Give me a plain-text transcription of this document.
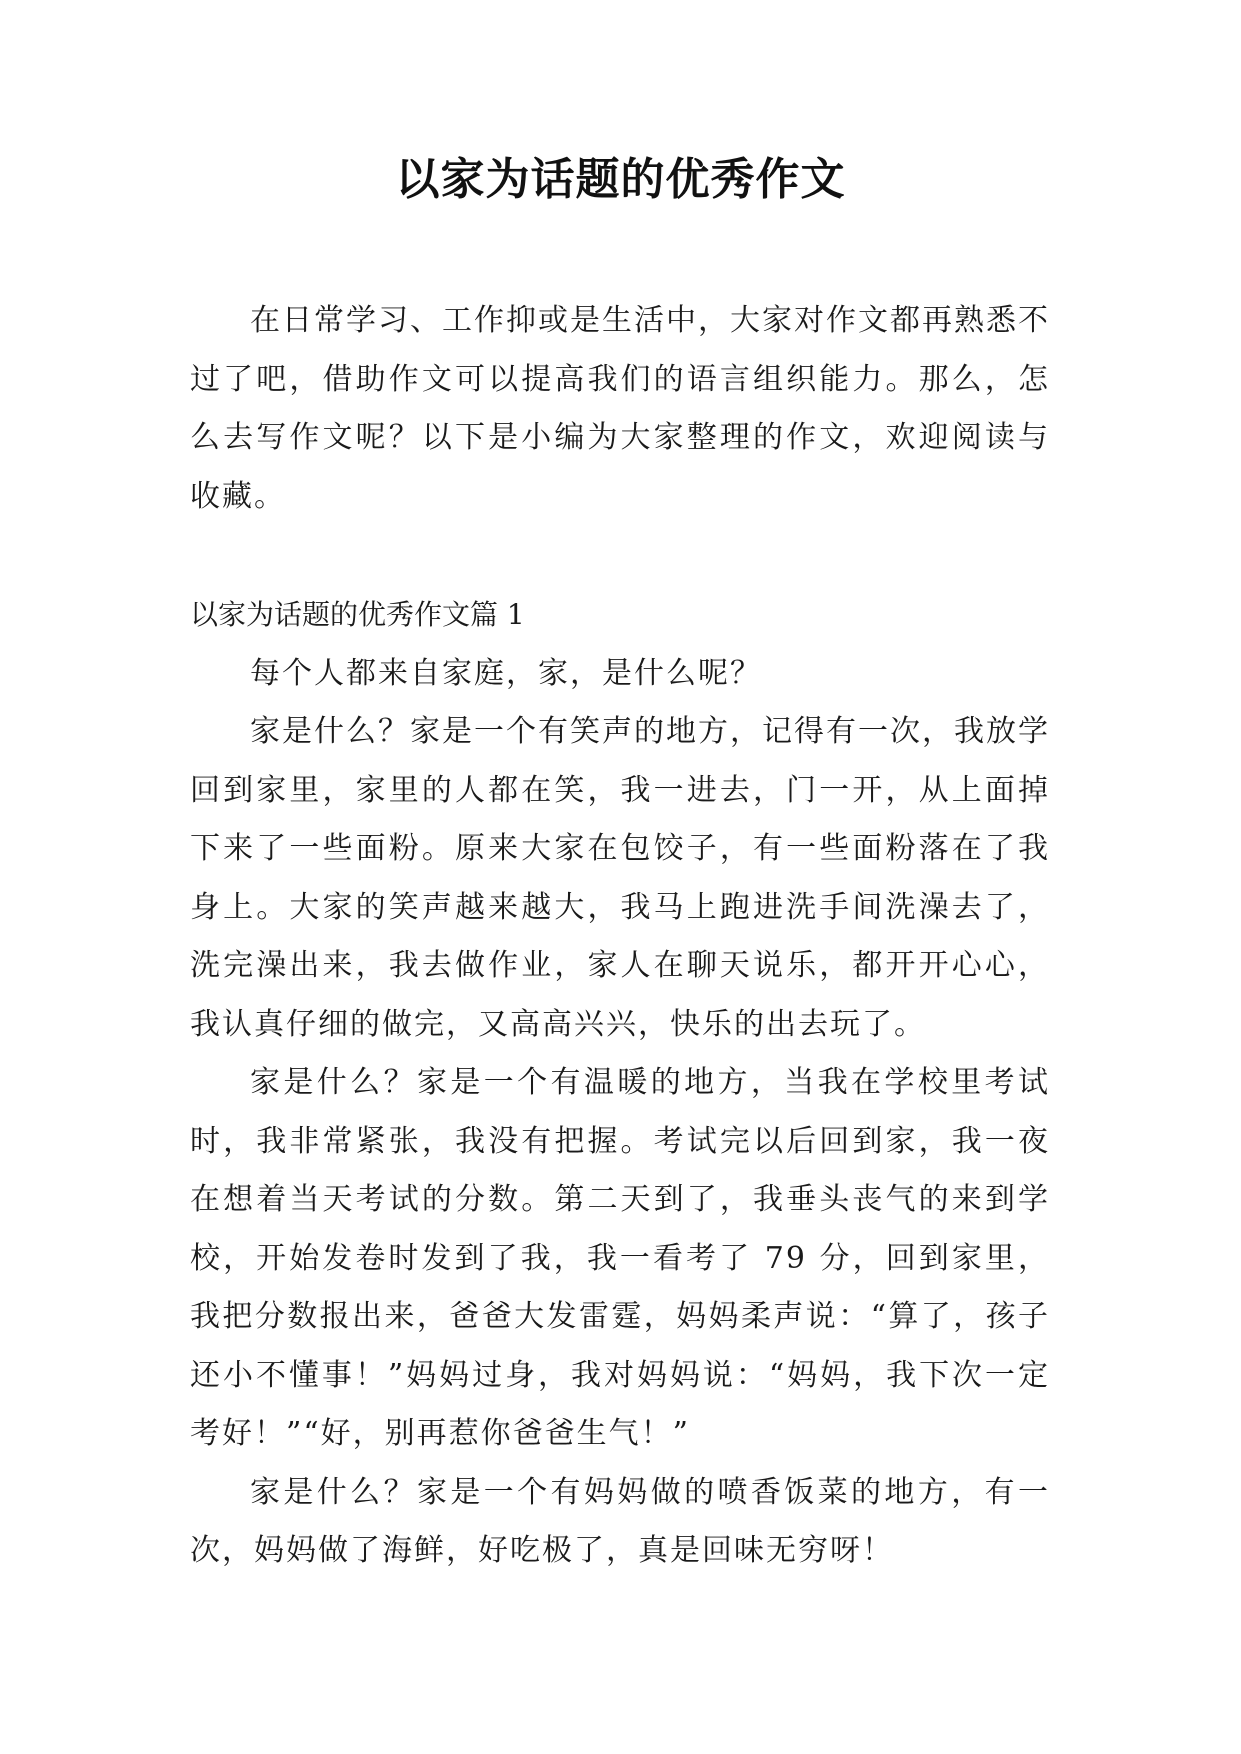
以家为话题的优秀作文

在日常学习、工作抑或是生活中，大家对作文都再熟悉不过了吧，借助作文可以提高我们的语言组织能力。那么，怎么去写作文呢？以下是小编为大家整理的作文，欢迎阅读与收藏。

以家为话题的优秀作文篇 1

每个人都来自家庭，家，是什么呢？

家是什么？家是一个有笑声的地方，记得有一次，我放学回到家里，家里的人都在笑，我一进去，门一开，从上面掉下来了一些面粉。原来大家在包饺子，有一些面粉落在了我身上。大家的笑声越来越大，我马上跑进洗手间洗澡去了，洗完澡出来，我去做作业，家人在聊天说乐，都开开心心，我认真仔细的做完，又高高兴兴，快乐的出去玩了。

家是什么？家是一个有温暖的地方，当我在学校里考试时，我非常紧张，我没有把握。考试完以后回到家，我一夜在想着当天考试的分数。第二天到了，我垂头丧气的来到学校，开始发卷时发到了我，我一看考了 79 分，回到家里，我把分数报出来，爸爸大发雷霆，妈妈柔声说：“算了，孩子还小不懂事！”妈妈过身，我对妈妈说：“妈妈，我下次一定考好！”“好，别再惹你爸爸生气！”

家是什么？家是一个有妈妈做的喷香饭菜的地方，有一次，妈妈做了海鲜，好吃极了，真是回味无穷呀！
